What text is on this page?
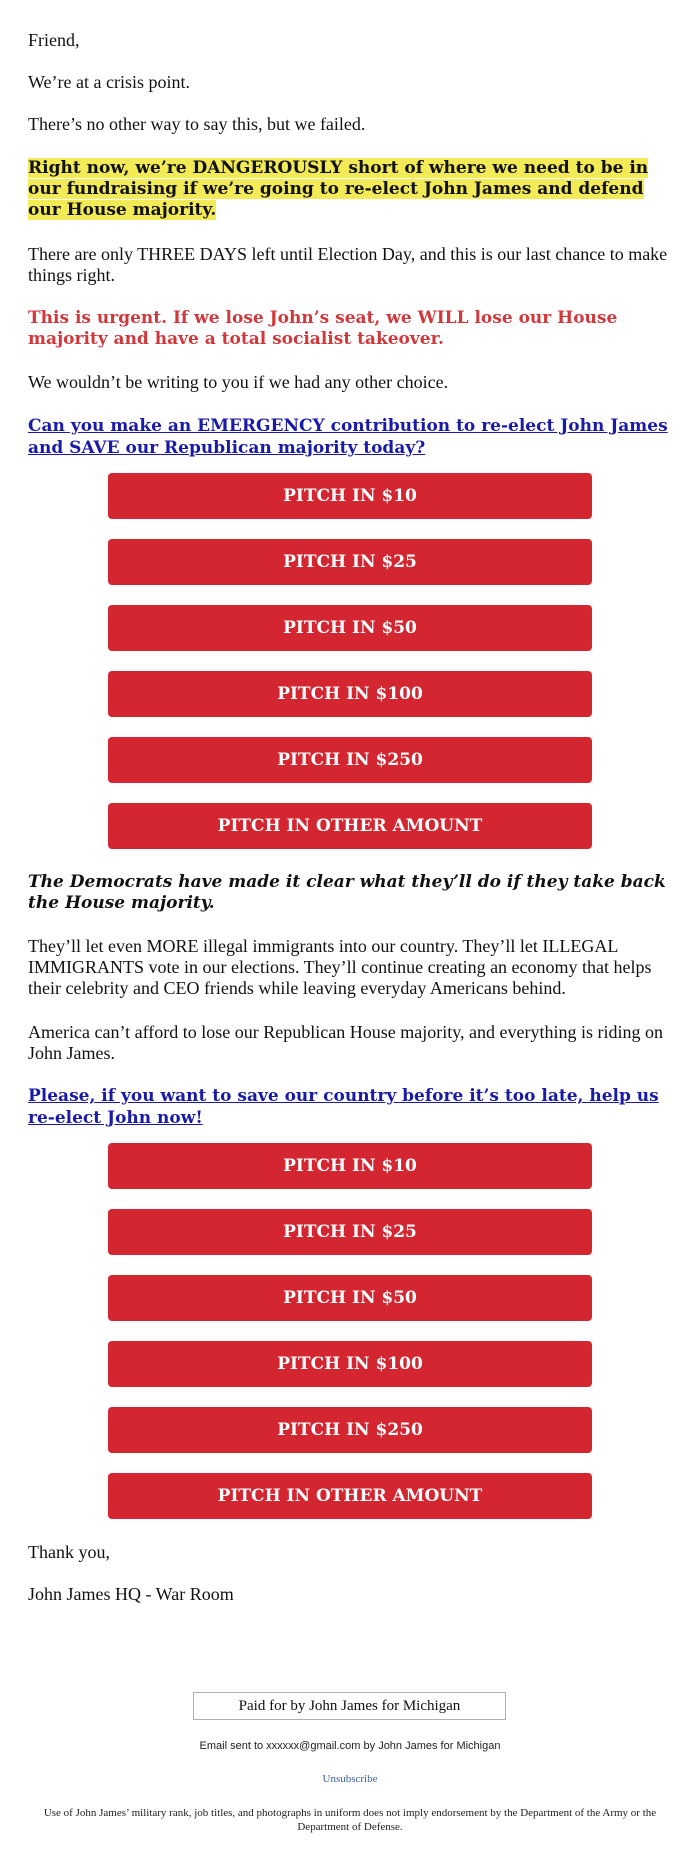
Friend,

We’re at a crisis point.

There’s no other way to say this, but we failed.

Right now, we’re DANGEROUSLY short of where we need to be in our fundraising if we’re going to re-elect John James and defend our House majority.

There are only THREE DAYS left until Election Day, and this is our last chance to make things right.

This is urgent. If we lose John’s seat, we WILL lose our House majority and have a total socialist takeover.

We wouldn’t be writing to you if we had any other choice.

Can you make an EMERGENCY contribution to re-elect John James and SAVE our Republican majority today?

PITCH IN $10
PITCH IN $25
PITCH IN $50
PITCH IN $100
PITCH IN $250
PITCH IN OTHER AMOUNT

The Democrats have made it clear what they’ll do if they take back the House majority.

They’ll let even MORE illegal immigrants into our country. They’ll let ILLEGAL IMMIGRANTS vote in our elections. They’ll continue creating an economy that helps their celebrity and CEO friends while leaving everyday Americans behind.

America can’t afford to lose our Republican House majority, and everything is riding on John James.

Please, if you want to save our country before it’s too late, help us re-elect John now!

PITCH IN $10
PITCH IN $25
PITCH IN $50
PITCH IN $100
PITCH IN $250
PITCH IN OTHER AMOUNT

Thank you,

John James HQ - War Room

Paid for by John James for Michigan
Email sent to xxxxxx@gmail.com by John James for Michigan
Unsubscribe
Use of John James’ military rank, job titles, and photographs in uniform does not imply endorsement by the Department of the Army or the Department of Defense.
